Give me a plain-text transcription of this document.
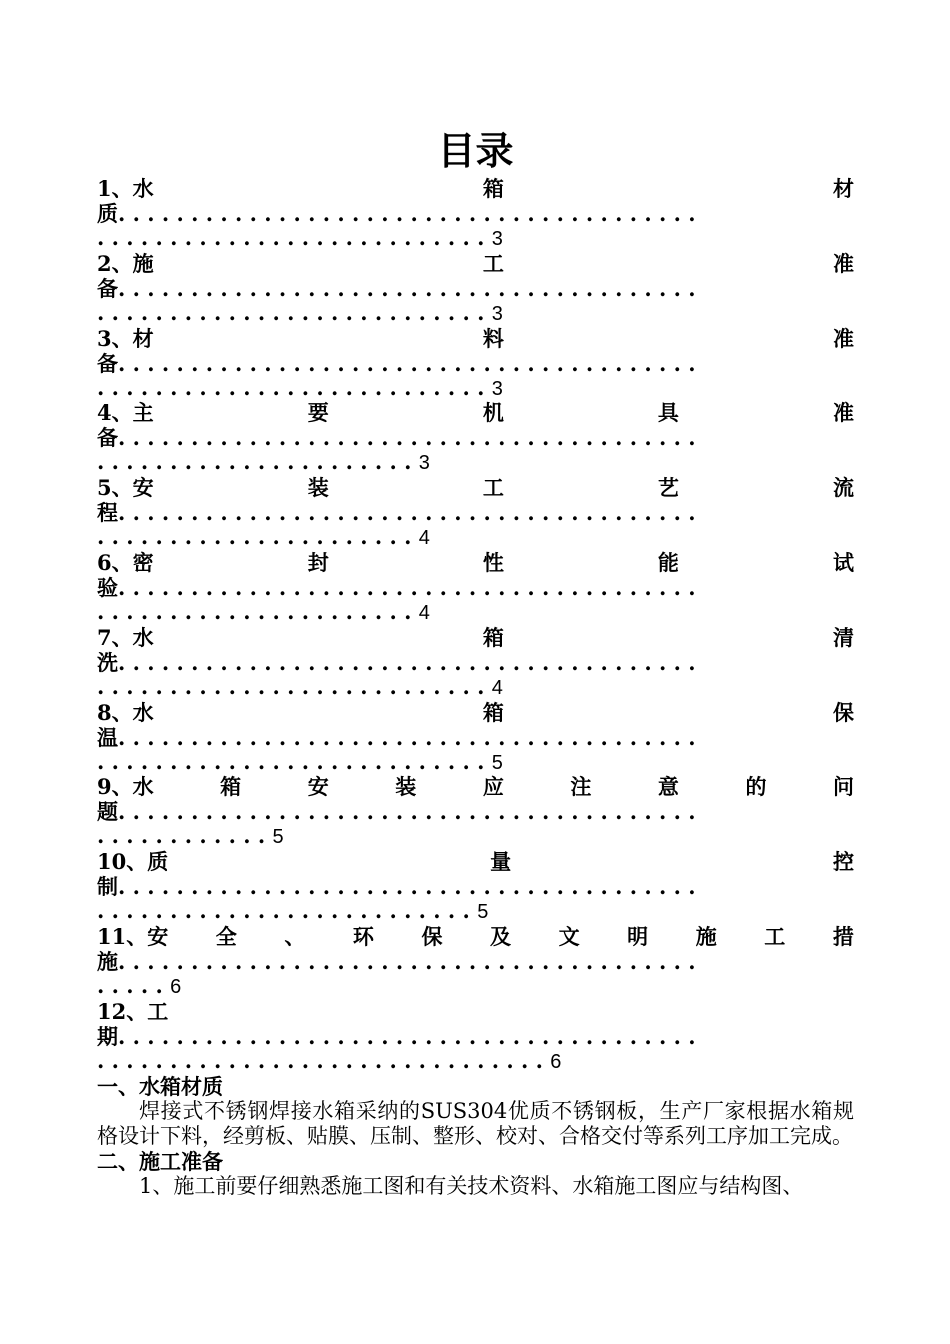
目录
1、水	箱	材
质. . . . . . . . . . . . . . . . . . . . . . . . . . . . . . . . . . . . . . . .
. . . . . . . . . . . . . . . . . . . . . . . . . . . 3
2、施	工	准
备. . . . . . . . . . . . . . . . . . . . . . . . . . . . . . . . . . . . . . . .
. . . . . . . . . . . . . . . . . . . . . . . . . . . 3
3、材	料	准
备. . . . . . . . . . . . . . . . . . . . . . . . . . . . . . . . . . . . . . . .
. . . . . . . . . . . . . . . . . . . . . . . . . . . 3
4、主	要	机	具	准
备. . . . . . . . . . . . . . . . . . . . . . . . . . . . . . . . . . . . . . . .
. . . . . . . . . . . . . . . . . . . . . . 3
5、安	装	工	艺	流
程. . . . . . . . . . . . . . . . . . . . . . . . . . . . . . . . . . . . . . . .
. . . . . . . . . . . . . . . . . . . . . . 4
6、密	封	性	能	试
验. . . . . . . . . . . . . . . . . . . . . . . . . . . . . . . . . . . . . . . .
. . . . . . . . . . . . . . . . . . . . . . 4
7、水	箱	清
洗. . . . . . . . . . . . . . . . . . . . . . . . . . . . . . . . . . . . . . . .
. . . . . . . . . . . . . . . . . . . . . . . . . . . 4
8、水	箱	保
温. . . . . . . . . . . . . . . . . . . . . . . . . . . . . . . . . . . . . . . .
. . . . . . . . . . . . . . . . . . . . . . . . . . . 5
9、水	箱	安	装	应	注	意	的	问
题. . . . . . . . . . . . . . . . . . . . . . . . . . . . . . . . . . . . . . . .
. . . . . . . . . . . . 5
10、质	量	控
制. . . . . . . . . . . . . . . . . . . . . . . . . . . . . . . . . . . . . . . .
. . . . . . . . . . . . . . . . . . . . . . . . . . 5
11、安 全 、 环 保 及 文 明 施 工 措
施. . . . . . . . . . . . . . . . . . . . . . . . . . . . . . . . . . . . . . . .
. . . . . 6
12、工
期. . . . . . . . . . . . . . . . . . . . . . . . . . . . . . . . . . . . . . . .
. . . . . . . . . . . . . . . . . . . . . . . . . . . . . . . 6
一、水箱材质
焊接式不锈钢焊接水箱采纳的SUS304优质不锈钢板，生产厂家根据水箱规格设计下料，经剪板、贴膜、压制、整形、校对、合格交付等系列工序加工完成。
二、施工准备
1、施工前要仔细熟悉施工图和有关技术资料、水箱施工图应与结构图、
